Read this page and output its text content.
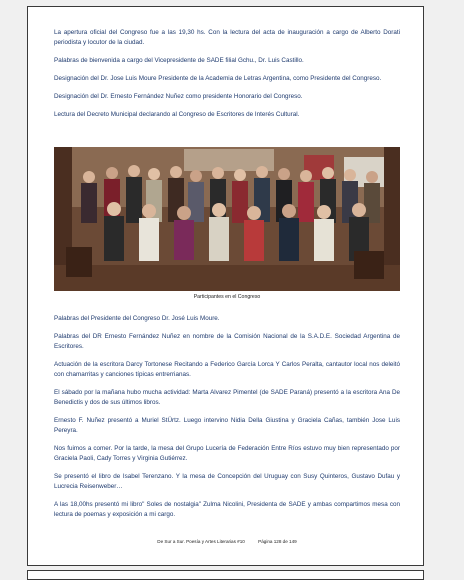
La apertura oficial del Congreso fue a las 19,30 hs. Con la lectura del acta de inauguración a cargo de Alberto Dorati periodista y locutor de la ciudad.

Palabras de bienvenida a cargo del Vicepresidente de SADE filial Gchu., Dr. Luis Castillo.

Designación del Dr. Jose Luis Moure Presidente de la Academia de Letras Argentina, como Presidente del Congreso.

Designación del Dr. Ernesto Fernández Nuñez como presidente Honorario del Congreso.

Lectura del Decreto Municipal declarando al Congreso de Escritores de Interés Cultural.

Participantes en el Congreso

Palabras del Presidente del Congreso Dr. José Luis Moure.

Palabras del DR Ernesto Fernández Nuñez en nombre de la Comisión Nacional de la S.A.D.E. Sociedad Argentina de Escritores.

Actuación de la escritora Darcy Tortonese Recitando a Federico García Lorca Y Carlos Peralta, cantautor local nos deleitó con chamarritas y canciones típicas entrerrianas.

El sábado por la mañana hubo mucha actividad: Marta Alvarez Pimentel (de SADE Paraná) presentó a la escritora Ana De Benedictis y dos de sus últimos libros.

Ernesto F. Nuñez presentó a Muriel StÜrtz. Luego intervino Nidia Della Giustina y Graciela Cañas, también Jose Luis Pereyra.

Nos fuimos a comer. Por la tarde, la mesa del Grupo Lucería de Federación Entre Ríos estuvo muy bien representado por Graciela Paoli, Cady Torres y Virginia Gutiérrez.

Se presentó el libro de Isabel Terenzano. Y la mesa de Concepción del Uruguay con Susy Quinteros, Gustavo Dufau y Lucrecia Reisenweber…

A las 18,00hs presentó mi libro" Soles de nostalgia" Zulma Nicolini, Presidenta de SADE y ambas compartimos mesa con lectura de poemas y exposición a mi cargo.

De Sur a Sur. Poesía y Artes Literarias #10	Página 128 de 149
